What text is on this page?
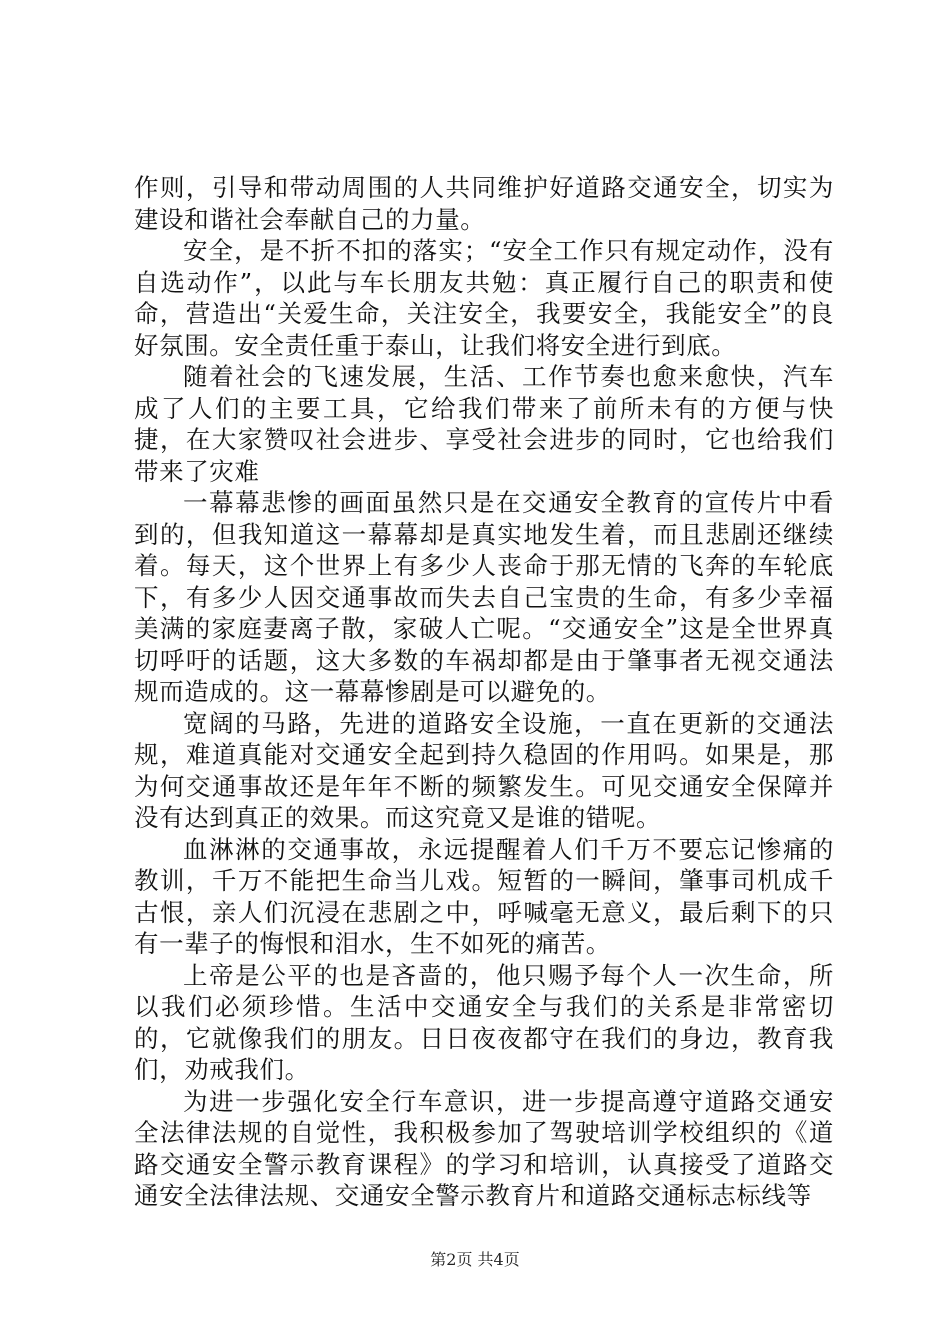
作则，引导和带动周围的人共同维护好道路交通安全，切实为建设和谐社会奉献自己的力量。

安全，是不折不扣的落实；“安全工作只有规定动作，没有自选动作”，以此与车长朋友共勉：真正履行自己的职责和使命，营造出“关爱生命，关注安全，我要安全，我能安全”的良好氛围。安全责任重于泰山，让我们将安全进行到底。

随着社会的飞速发展，生活、工作节奏也愈来愈快，汽车成了人们的主要工具，它给我们带来了前所未有的方便与快捷，在大家赞叹社会进步、享受社会进步的同时，它也给我们带来了灾难

一幕幕悲惨的画面虽然只是在交通安全教育的宣传片中看到的，但我知道这一幕幕却是真实地发生着，而且悲剧还继续着。每天，这个世界上有多少人丧命于那无情的飞奔的车轮底下，有多少人因交通事故而失去自己宝贵的生命，有多少幸福美满的家庭妻离子散，家破人亡呢。“交通安全”这是全世界真切呼吁的话题，这大多数的车祸却都是由于肇事者无视交通法规而造成的。这一幕幕惨剧是可以避免的。

宽阔的马路，先进的道路安全设施，一直在更新的交通法规，难道真能对交通安全起到持久稳固的作用吗。如果是，那为何交通事故还是年年不断的频繁发生。可见交通安全保障并没有达到真正的效果。而这究竟又是谁的错呢。

血淋淋的交通事故，永远提醒着人们千万不要忘记惨痛的教训，千万不能把生命当儿戏。短暂的一瞬间，肇事司机成千古恨，亲人们沉浸在悲剧之中，呼喊毫无意义，最后剩下的只有一辈子的悔恨和泪水，生不如死的痛苦。

上帝是公平的也是吝啬的，他只赐予每个人一次生命，所以我们必须珍惜。生活中交通安全与我们的关系是非常密切的，它就像我们的朋友。日日夜夜都守在我们的身边，教育我们，劝戒我们。

为进一步强化安全行车意识，进一步提高遵守道路交通安全法律法规的自觉性，我积极参加了驾驶培训学校组织的《道路交通安全警示教育课程》的学习和培训，认真接受了道路交通安全法律法规、交通安全警示教育片和道路交通标志标线等

第2页 共4页
